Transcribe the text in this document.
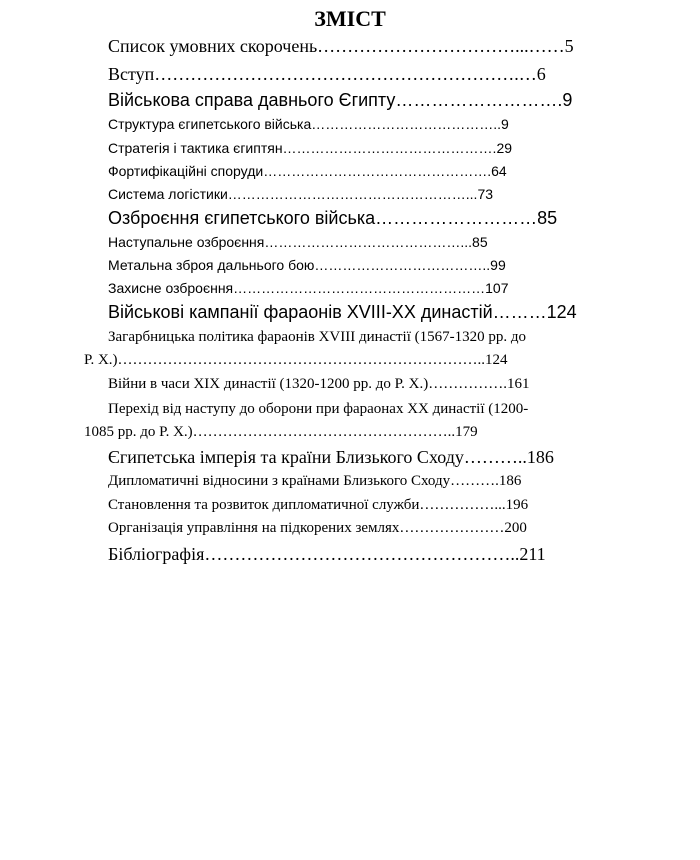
ЗМІСТ
Список умовних скорочень……………………………...……5
Вступ…………………………………………………….…6
Військова справа давнього Єгипту……………………….9
Структура єгипетського війська…………………………………..9
Стратегія і тактика єгиптян……………………………………….29
Фортифікаційні споруди………………………………………….64
Система логістики……………………………………………...73
Озброєння єгипетського війська………………………85
Наступальне озброєння……………………………………...85
Метальна зброя дальнього бою………………………………..99
Захисне озброєння………………………………………………107
Військові кампанії фараонів XVIII-XX династій………124
Загарбницька політика фараонів XVIII династії (1567-1320 рр. до
Р. Х.)………………………………………………………………..124
Війни в часи XIX династії (1320-1200 рр. до Р. Х.)…………….161
Перехід від наступу до оборони при фараонах XX династії (1200-
1085 рр. до Р. Х.)……………………………………………..179
Єгипетська імперія та країни Близького Сходу………..186
Дипломатичні відносини з країнами Близького Сходу……….186
Становлення та розвиток дипломатичної служби……………...196
Організація управління на підкорених землях…………………200
Бібліографія……………………………………………..211
